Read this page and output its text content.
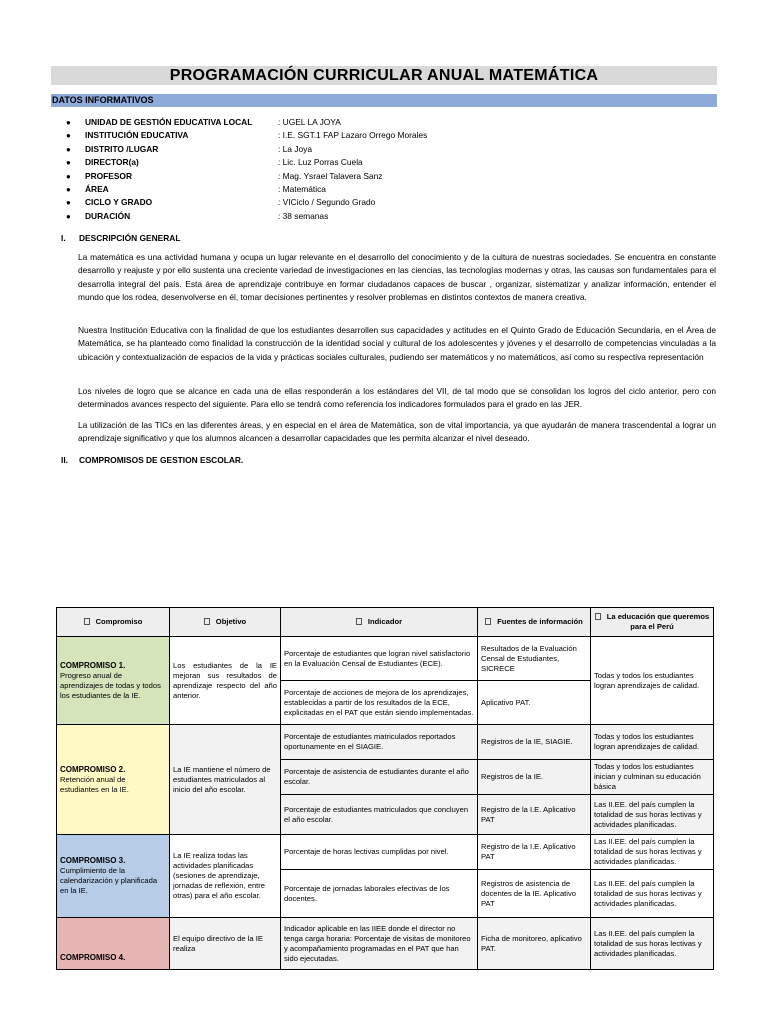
PROGRAMACIÓN CURRICULAR ANUAL MATEMÁTICA
DATOS INFORMATIVOS
●	UNIDAD DE GESTIÓN EDUCATIVA LOCAL	: UGEL LA JOYA
●	INSTITUCIÓN EDUCATIVA	: I.E. SGT.1 FAP Lazaro Orrego Morales
●	DISTRITO /LUGAR	: La Joya
●	DIRECTOR(a)	: Lic. Luz Porras Cuela
●	PROFESOR	: Mag. Ysrael Talavera Sanz
●	ÁREA	: Matemática
●	CICLO Y GRADO	: VICiclo / Segundo Grado
●	DURACIÓN	: 38 semanas
I. DESCRIPCIÓN GENERAL

La matemática es una actividad humana y ocupa un lugar relevante en el desarrollo del conocimiento y de la cultura de nuestras sociedades. Se encuentra en constante desarrollo y reajuste y por ello sustenta una creciente variedad de investigaciones en las ciencias, las tecnologías modernas y otras, las causas son fundamentales para el desarrolla integral del país. Esta área de aprendizaje contribuye en formar ciudadanos capaces de buscar , organizar, sistematizar y analizar información, entender el mundo que los rodea, desenvolverse en él, tomar decisiones pertinentes y resolver problemas en distintos contextos de manera creativa.

Nuestra Institución Educativa con la finalidad de que los estudiantes desarrollen sus capacidades y actitudes en el Quinto Grado de Educación Secundaria, en el Área de Matemática, se ha planteado como finalidad la construcción de la identidad social y cultural de los adolescentes y jóvenes y el desarrollo de competencias vinculadas a la ubicación y contextualización de espacios de la vida y prácticas sociales culturales, pudiendo ser matemáticos y no matemáticos, así como su respectiva representación

Los niveles de logro que se alcance en cada una de ellas responderán a los estándares del VII, de tal modo que se consolidan los logros del ciclo anterior, pero con determinados avances respecto del siguiente. Para ello se tendrá como referencia los indicadores formulados para el grado en las JER.

La utilización de las TICs en las diferentes áreas, y en especial en el área de Matemática, son de vital importancia, ya que ayudarán de manera trascendental a lograr un aprendizaje significativo y que los alumnos alcancen a desarrollar capacidades que les permita alcanzar el nivel deseado.

II. COMPROMISOS DE GESTION ESCOLAR.
Compromiso	Objetivo	Indicador	Fuentes de información	La educación que queremos para el Perú

COMPROMISO 1.
Progreso anual de aprendizajes de todas y todos los estudiantes de la IE.	Los estudiantes de la IE mejoran sus resultados de aprendizaje respecto del año anterior.	Porcentaje de estudiantes que logran nivel satisfactorio en la Evaluación Censal de Estudiantes (ECE).	Resultados de la Evaluación Censal de Estudiantes, SICRECE	Todas y todos los estudiantes logran aprendizajes de calidad.
		Porcentaje de acciones de mejora de los aprendizajes, establecidas a partir de los resultados de la ECE, explicitadas en el PAT que están siendo implementadas.	Aplicativo PAT.	

COMPROMISO 2.
Retención anual de estudiantes en la IE.	La IE mantiene el número de estudiantes matriculados al inicio del año escolar.	Porcentaje de estudiantes matriculados reportados oportunamente en el SIAGIE.	Registros de la IE, SIAGIE.	Todas y todos los estudiantes logran aprendizajes de calidad.
		Porcentaje de asistencia de estudiantes durante el año escolar.	Registros de la IE.	Todas y todos los estudiantes inician y culminan su educación básica
		Porcentaje de estudiantes matriculados que concluyen el año escolar.	Registro de la I.E. Aplicativo PAT	Las II.EE. del país cumplen la totalidad de sus horas lectivas y actividades planificadas.

COMPROMISO 3.
Cumplimiento de la calendarización y planificada en la IE.	La IE realiza todas las actividades planificadas (sesiones de aprendizaje, jornadas de reflexión, entre otras) para el año escolar.	Porcentaje de horas lectivas cumplidas por nivel.	Registro de la I.E. Aplicativo PAT	Las II.EE. del país cumplen la totalidad de sus horas lectivas y actividades planificadas.
		Porcentaje de jornadas laborales efectivas de los docentes.	Registros de asistencia de docentes de la IE. Aplicativo PAT	Las II.EE. del país cumplen la totalidad de sus horas lectivas y actividades planificadas.

COMPROMISO 4.	El equipo directivo de la IE realiza	Indicador aplicable en las IIEE donde el director no tenga carga horaria: Porcentaje de visitas de monitoreo y acompañamiento programadas en el PAT que han sido ejecutadas.	Ficha de monitoreo, aplicativo PAT.	Las II.EE. del país cumplen la totalidad de sus horas lectivas y actividades planificadas.
